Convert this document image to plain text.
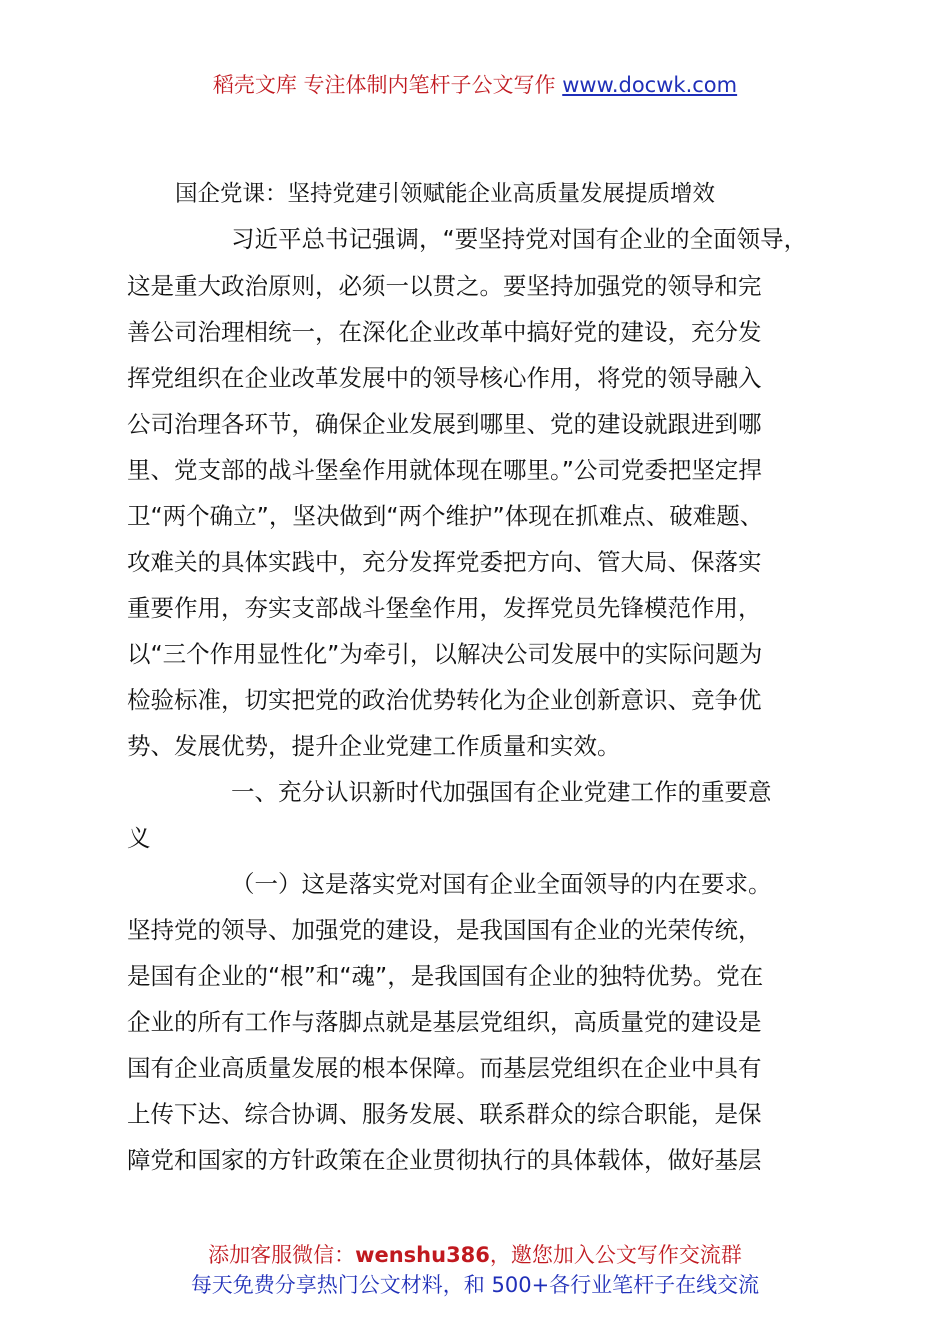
稻壳文库 专注体制内笔杆子公文写作 www.docwk.com
国企党课：坚持党建引领赋能企业高质量发展提质增效
习近平总书记强调，“要坚持党对国有企业的全面领导，
这是重大政治原则，必须一以贯之。要坚持加强党的领导和完
善公司治理相统一，在深化企业改革中搞好党的建设，充分发
挥党组织在企业改革发展中的领导核心作用，将党的领导融入
公司治理各环节，确保企业发展到哪里、党的建设就跟进到哪
里、党支部的战斗堡垒作用就体现在哪里。”公司党委把坚定捍
卫“两个确立”，坚决做到“两个维护”体现在抓难点、破难题、
攻难关的具体实践中，充分发挥党委把方向、管大局、保落实
重要作用，夯实支部战斗堡垒作用，发挥党员先锋模范作用，
以“三个作用显性化”为牵引，以解决公司发展中的实际问题为
检验标准，切实把党的政治优势转化为企业创新意识、竞争优
势、发展优势，提升企业党建工作质量和实效。
一、充分认识新时代加强国有企业党建工作的重要意
义
（一）这是落实党对国有企业全面领导的内在要求。
坚持党的领导、加强党的建设，是我国国有企业的光荣传统，
是国有企业的“根”和“魂”，是我国国有企业的独特优势。党在
企业的所有工作与落脚点就是基层党组织，高质量党的建设是
国有企业高质量发展的根本保障。而基层党组织在企业中具有
上传下达、综合协调、服务发展、联系群众的综合职能，是保
障党和国家的方针政策在企业贯彻执行的具体载体，做好基层
添加客服微信：wenshu386，邀您加入公文写作交流群
每天免费分享热门公文材料，和 500+各行业笔杆子在线交流
